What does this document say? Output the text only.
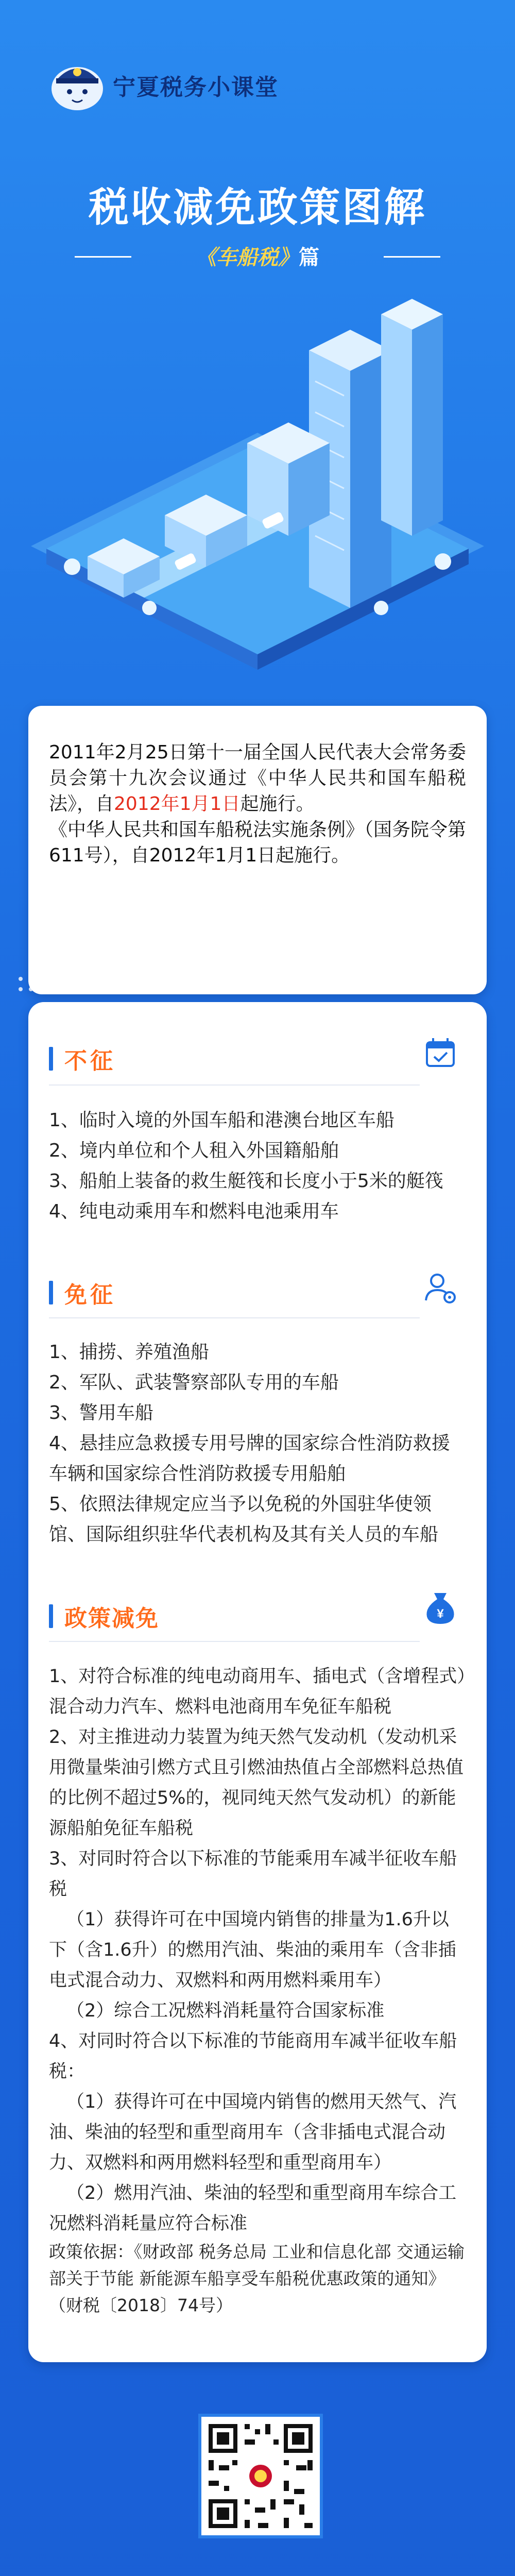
宁夏税务小课堂
税收减免政策图解
《车船税》篇
2011年2月25日第十一届全国人民代表大会常务委员会第十九次会议通过《中华人民共和国车船税法》，自2012年1月1日起施行。
《中华人民共和国车船税法实施条例》（国务院令第611号），自2012年1月1日起施行。
不征
1、临时入境的外国车船和港澳台地区车船
2、境内单位和个人租入外国籍船舶
3、船舶上装备的救生艇筏和长度小于5米的艇筏
4、纯电动乘用车和燃料电池乘用车
免征
1、捕捞、养殖渔船
2、军队、武装警察部队专用的车船
3、警用车船
4、悬挂应急救援专用号牌的国家综合性消防救援车辆和国家综合性消防救援专用船舶
5、依照法律规定应当予以免税的外国驻华使领馆、国际组织驻华代表机构及其有关人员的车船
政策减免	¥
1、对符合标准的纯电动商用车、插电式（含增程式）混合动力汽车、燃料电池商用车免征车船税
2、对主推进动力装置为纯天然气发动机（发动机采用微量柴油引燃方式且引燃油热值占全部燃料总热值的比例不超过5%的，视同纯天然气发动机）的新能源船舶免征车船税
3、对同时符合以下标准的节能乘用车减半征收车船税
（1）获得许可在中国境内销售的排量为1.6升以下（含1.6升）的燃用汽油、柴油的乘用车（含非插电式混合动力、双燃料和两用燃料乘用车）
（2）综合工况燃料消耗量符合国家标准
4、对同时符合以下标准的节能商用车减半征收车船税：
（1）获得许可在中国境内销售的燃用天然气、汽油、柴油的轻型和重型商用车（含非插电式混合动力、双燃料和两用燃料轻型和重型商用车）
（2）燃用汽油、柴油的轻型和重型商用车综合工况燃料消耗量应符合标准
政策依据：《财政部 税务总局 工业和信息化部 交通运输部关于节能 新能源车船享受车船税优惠政策的通知》（财税〔2018〕74号）
